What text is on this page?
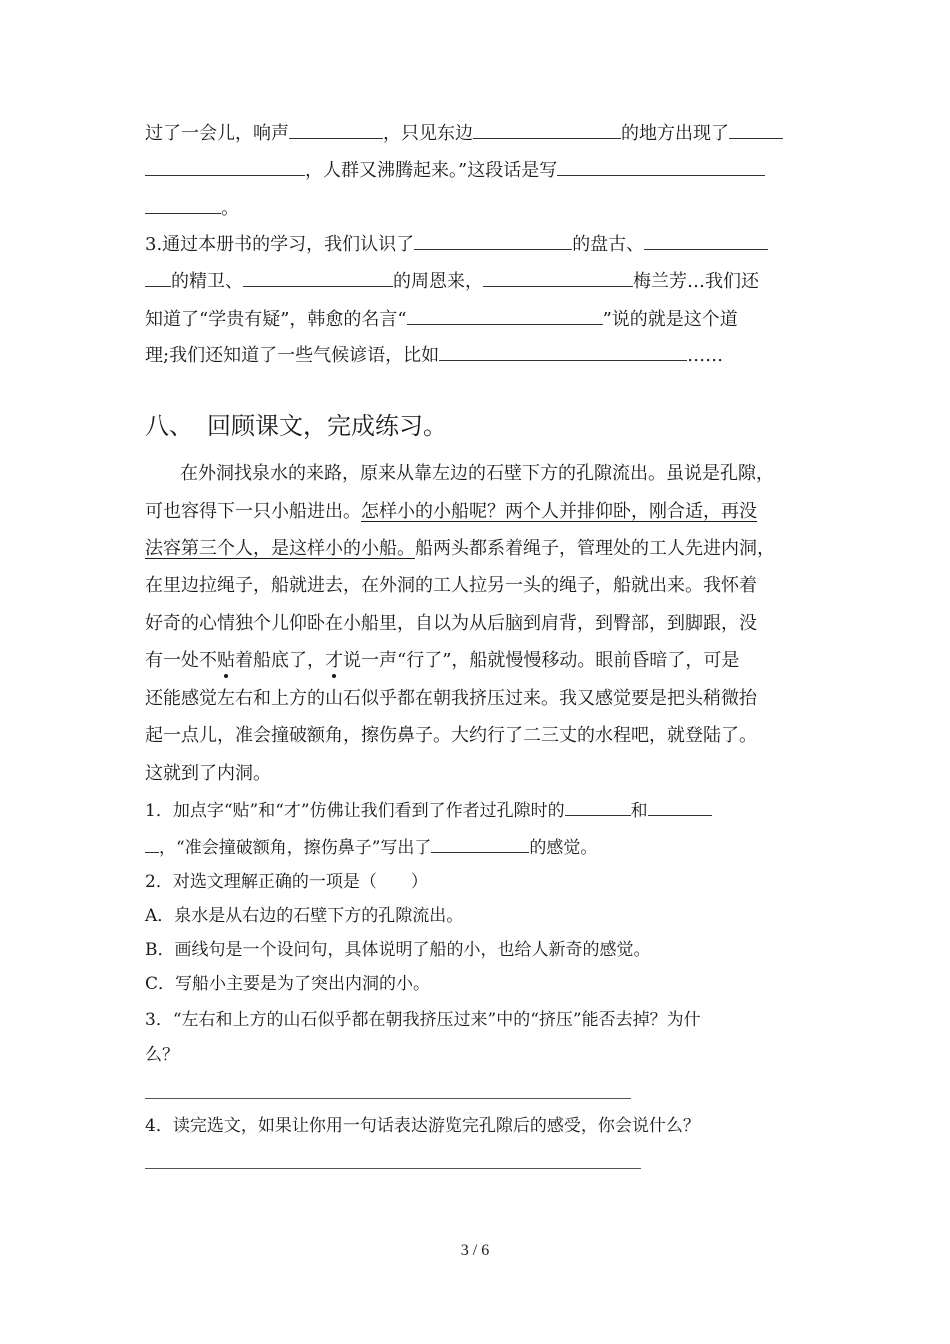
过了一会儿，响声	，只见东边	的地方出现了
，人群又沸腾起来。”这段话是写
。
3.通过本册书的学习，我们认识了	的盘古、
的精卫、	的周恩来，	梅兰芳…我们还
知道了“学贵有疑”，韩愈的名言“	”说的就是这个道
理;我们还知道了一些气候谚语，比如	……
八、 回顾课文，完成练习。
在外洞找泉水的来路，原来从靠左边的石壁下方的孔隙流出。虽说是孔隙，
可也容得下一只小船进出。怎样小的小船呢？两个人并排仰卧，刚合适，再没
法容第三个人，是这样小的小船。船两头都系着绳子，管理处的工人先进内洞，
在里边拉绳子，船就进去，在外洞的工人拉另一头的绳子，船就出来。我怀着
好奇的心情独个儿仰卧在小船里，自以为从后脑到肩背，到臀部，到脚跟，没
有一处不贴着船底了，才说一声“行了”，船就慢慢移动。眼前昏暗了，可是
还能感觉左右和上方的山石似乎都在朝我挤压过来。我又感觉要是把头稍微抬
起一点儿，准会撞破额角，擦伤鼻子。大约行了二三丈的水程吧，就登陆了。
这就到了内洞。
1．加点字“贴”和“才”仿佛让我们看到了作者过孔隙时的	和
，“准会撞破额角，擦伤鼻子”写出了	的感觉。
2．对选文理解正确的一项是（　　）
A．泉水是从右边的石壁下方的孔隙流出。
B．画线句是一个设问句，具体说明了船的小，也给人新奇的感觉。
C．写船小主要是为了突出内洞的小。
3．“左右和上方的山石似乎都在朝我挤压过来”中的“挤压”能否去掉？为什
么？
4．读完选文，如果让你用一句话表达游览完孔隙后的感受，你会说什么？
3 / 6
